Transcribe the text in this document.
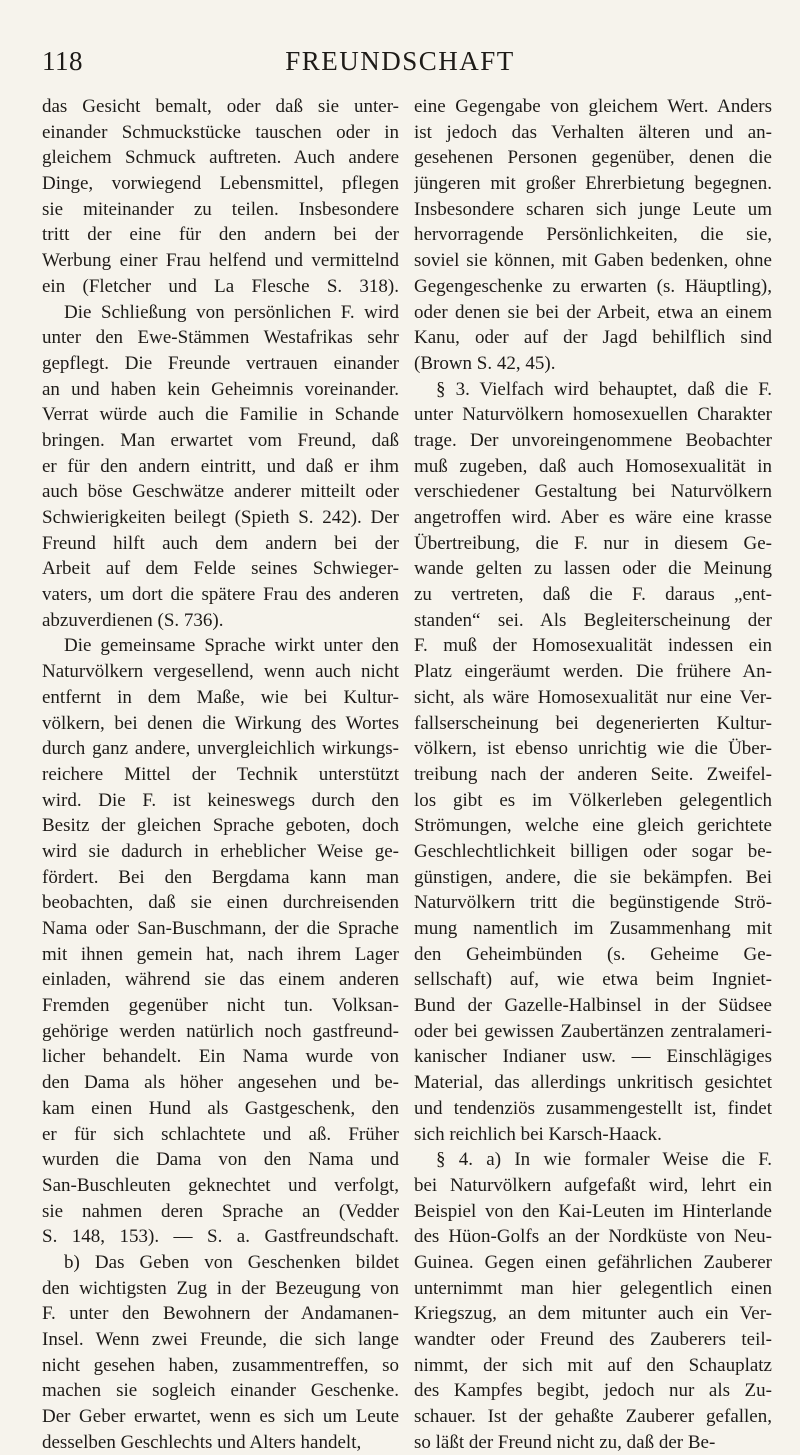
118	FREUNDSCHAFT
das Gesicht bemalt, oder daß sie unter-
einander Schmuckstücke tauschen oder in
gleichem Schmuck auftreten. Auch andere
Dinge, vorwiegend Lebensmittel, pflegen
sie miteinander zu teilen. Insbesondere
tritt der eine für den andern bei der
Werbung einer Frau helfend und vermittelnd
ein (Fletcher und La Flesche S. 318).
Die Schließung von persönlichen F. wird
unter den Ewe-Stämmen Westafrikas sehr
gepflegt. Die Freunde vertrauen einander
an und haben kein Geheimnis voreinander.
Verrat würde auch die Familie in Schande
bringen. Man erwartet vom Freund, daß
er für den andern eintritt, und daß er ihm
auch böse Geschwätze anderer mitteilt oder
Schwierigkeiten beilegt (Spieth S. 242). Der
Freund hilft auch dem andern bei der
Arbeit auf dem Felde seines Schwieger-
vaters, um dort die spätere Frau des anderen
abzuverdienen (S. 736).
Die gemeinsame Sprache wirkt unter den
Naturvölkern vergesellend, wenn auch nicht
entfernt in dem Maße, wie bei Kultur-
völkern, bei denen die Wirkung des Wortes
durch ganz andere, unvergleichlich wirkungs-
reichere Mittel der Technik unterstützt
wird. Die F. ist keineswegs durch den
Besitz der gleichen Sprache geboten, doch
wird sie dadurch in erheblicher Weise ge-
fördert. Bei den Bergdama kann man
beobachten, daß sie einen durchreisenden
Nama oder San-Buschmann, der die Sprache
mit ihnen gemein hat, nach ihrem Lager
einladen, während sie das einem anderen
Fremden gegenüber nicht tun. Volksan-
gehörige werden natürlich noch gastfreund-
licher behandelt. Ein Nama wurde von
den Dama als höher angesehen und be-
kam einen Hund als Gastgeschenk, den
er für sich schlachtete und aß. Früher
wurden die Dama von den Nama und
San-Buschleuten geknechtet und verfolgt,
sie nahmen deren Sprache an (Vedder
S. 148, 153). — S. a. Gastfreundschaft.
b) Das Geben von Geschenken bildet
den wichtigsten Zug in der Bezeugung von
F. unter den Bewohnern der Andamanen-
Insel. Wenn zwei Freunde, die sich lange
nicht gesehen haben, zusammentreffen, so
machen sie sogleich einander Geschenke.
Der Geber erwartet, wenn es sich um Leute
desselben Geschlechts und Alters handelt,
eine Gegengabe von gleichem Wert. Anders
ist jedoch das Verhalten älteren und an-
gesehenen Personen gegenüber, denen die
jüngeren mit großer Ehrerbietung begegnen.
Insbesondere scharen sich junge Leute um
hervorragende Persönlichkeiten, die sie,
soviel sie können, mit Gaben bedenken, ohne
Gegengeschenke zu erwarten (s. Häuptling),
oder denen sie bei der Arbeit, etwa an einem
Kanu, oder auf der Jagd behilflich sind
(Brown S. 42, 45).
§ 3. Vielfach wird behauptet, daß die F.
unter Naturvölkern homosexuellen Charakter
trage. Der unvoreingenommene Beobachter
muß zugeben, daß auch Homosexualität in
verschiedener Gestaltung bei Naturvölkern
angetroffen wird. Aber es wäre eine krasse
Übertreibung, die F. nur in diesem Ge-
wande gelten zu lassen oder die Meinung
zu vertreten, daß die F. daraus „ent-
standen“ sei. Als Begleiterscheinung der
F. muß der Homosexualität indessen ein
Platz eingeräumt werden. Die frühere An-
sicht, als wäre Homosexualität nur eine Ver-
fallserscheinung bei degenerierten Kultur-
völkern, ist ebenso unrichtig wie die Über-
treibung nach der anderen Seite. Zweifel-
los gibt es im Völkerleben gelegentlich
Strömungen, welche eine gleich gerichtete
Geschlechtlichkeit billigen oder sogar be-
günstigen, andere, die sie bekämpfen. Bei
Naturvölkern tritt die begünstigende Strö-
mung namentlich im Zusammenhang mit
den Geheimbünden (s. Geheime Ge-
sellschaft) auf, wie etwa beim Ingniet-
Bund der Gazelle-Halbinsel in der Südsee
oder bei gewissen Zaubertänzen zentralameri-
kanischer Indianer usw. — Einschlägiges
Material, das allerdings unkritisch gesichtet
und tendenziös zusammengestellt ist, findet
sich reichlich bei Karsch-Haack.
§ 4. a) In wie formaler Weise die F.
bei Naturvölkern aufgefaßt wird, lehrt ein
Beispiel von den Kai-Leuten im Hinterlande
des Hüon-Golfs an der Nordküste von Neu-
Guinea. Gegen einen gefährlichen Zauberer
unternimmt man hier gelegentlich einen
Kriegszug, an dem mitunter auch ein Ver-
wandter oder Freund des Zauberers teil-
nimmt, der sich mit auf den Schauplatz
des Kampfes begibt, jedoch nur als Zu-
schauer. Ist der gehaßte Zauberer gefallen,
so läßt der Freund nicht zu, daß der Be-
